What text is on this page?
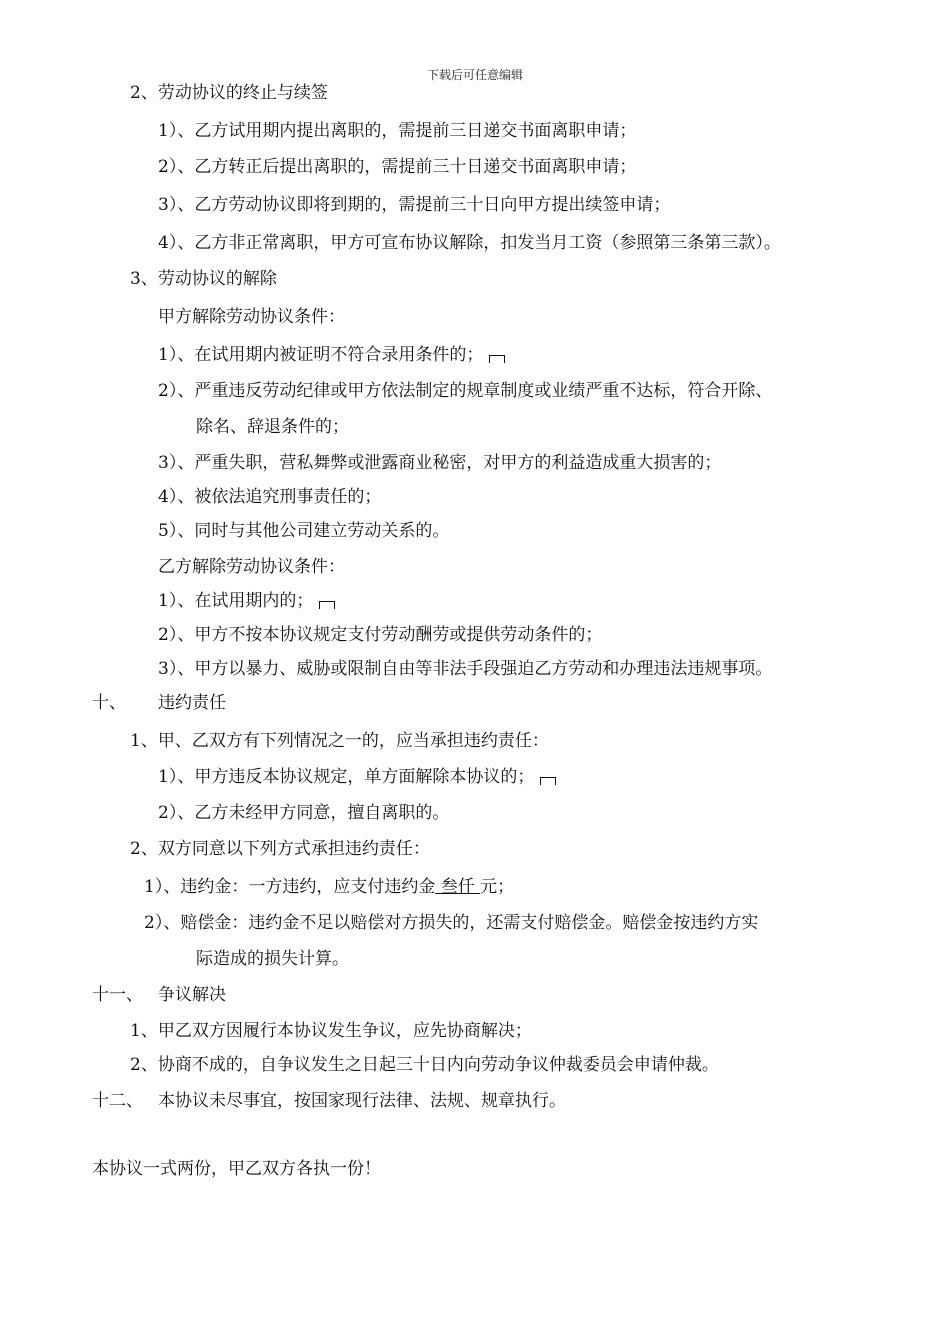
下载后可任意编辑
2、劳动协议的终止与续签
1）、乙方试用期内提出离职的，需提前三日递交书面离职申请；
2）、乙方转正后提出离职的，需提前三十日递交书面离职申请；
3）、乙方劳动协议即将到期的，需提前三十日向甲方提出续签申请；
4）、乙方非正常离职，甲方可宣布协议解除，扣发当月工资（参照第三条第三款）。
3、劳动协议的解除
甲方解除劳动协议条件：
1）、在试用期内被证明不符合录用条件的；
2）、严重违反劳动纪律或甲方依法制定的规章制度或业绩严重不达标，符合开除、
除名、辞退条件的；
3）、严重失职，营私舞弊或泄露商业秘密，对甲方的利益造成重大损害的；
4）、被依法追究刑事责任的；
5）、同时与其他公司建立劳动关系的。
乙方解除劳动协议条件：
1）、在试用期内的；
2）、甲方不按本协议规定支付劳动酬劳或提供劳动条件的；
3）、甲方以暴力、威胁或限制自由等非法手段强迫乙方劳动和办理违法违规事项。
十、 违约责任
1、甲、乙双方有下列情况之一的，应当承担违约责任：
1）、甲方违反本协议规定，单方面解除本协议的；
2）、乙方未经甲方同意，擅自离职的。
2、双方同意以下列方式承担违约责任：
1）、违约金：一方违约，应支付违约金 叁仟 元；
2）、赔偿金：违约金不足以赔偿对方损失的，还需支付赔偿金。赔偿金按违约方实
际造成的损失计算。
十一、 争议解决
1、甲乙双方因履行本协议发生争议，应先协商解决；
2、协商不成的，自争议发生之日起三十日内向劳动争议仲裁委员会申请仲裁。
十二、 本协议未尽事宜，按国家现行法律、法规、规章执行。
本协议一式两份，甲乙双方各执一份！
